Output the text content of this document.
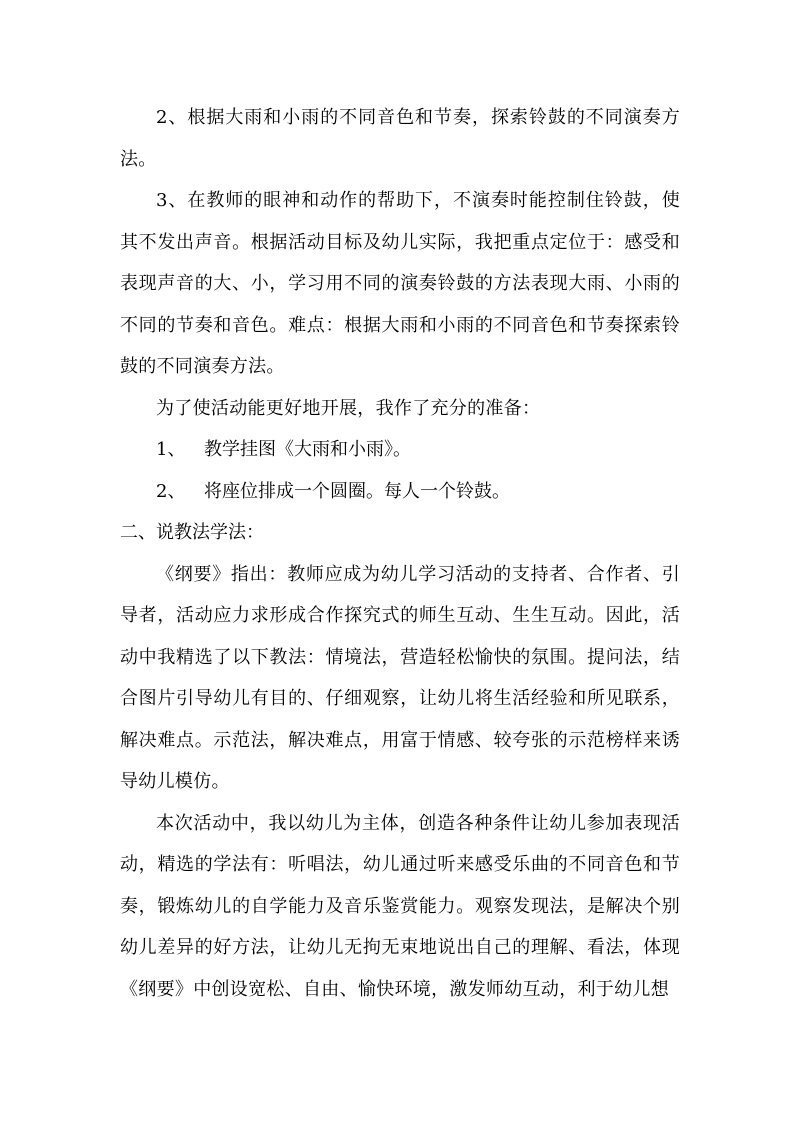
2、根据大雨和小雨的不同音色和节奏，探索铃鼓的不同演奏方法。

3、在教师的眼神和动作的帮助下，不演奏时能控制住铃鼓，使其不发出声音。根据活动目标及幼儿实际，我把重点定位于：感受和表现声音的大、小，学习用不同的演奏铃鼓的方法表现大雨、小雨的不同的节奏和音色。难点：根据大雨和小雨的不同音色和节奏探索铃鼓的不同演奏方法。

为了使活动能更好地开展，我作了充分的准备：

1、 教学挂图《大雨和小雨》。

2、 将座位排成一个圆圈。每人一个铃鼓。

二、说教法学法：

《纲要》指出：教师应成为幼儿学习活动的支持者、合作者、引导者，活动应力求形成合作探究式的师生互动、生生互动。因此，活动中我精选了以下教法：情境法，营造轻松愉快的氛围。提问法，结合图片引导幼儿有目的、仔细观察，让幼儿将生活经验和所见联系，解决难点。示范法，解决难点，用富于情感、较夸张的示范榜样来诱导幼儿模仿。

本次活动中，我以幼儿为主体，创造各种条件让幼儿参加表现活动，精选的学法有：听唱法，幼儿通过听来感受乐曲的不同音色和节奏，锻炼幼儿的自学能力及音乐鉴赏能力。观察发现法，是解决个别幼儿差异的好方法，让幼儿无拘无束地说出自己的理解、看法，体现《纲要》中创设宽松、自由、愉快环境，激发师幼互动，利于幼儿想
